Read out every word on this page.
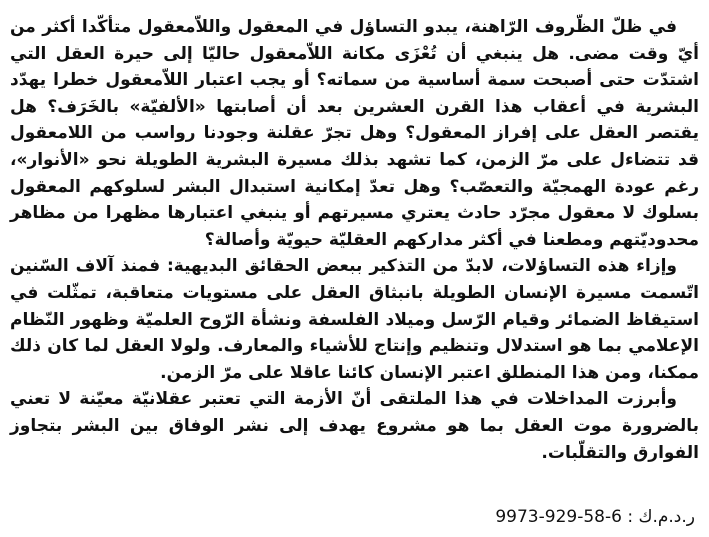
في ظلّ الظّروف الرّاهنة، يبدو التساؤل في المعقول واللاّمعقول متأكّدا أكثر من أيّ وقت مضى. هل ينبغي أن تُعْزَى مكانة اللاّمعقول حاليّا إلى حيرة العقل التي اشتدّت حتى أصبحت سمة أساسية من سماته؟ أو يجب اعتبار اللاّمعقول خطرا يهدّد البشرية في أعقاب هذا القرن العشرين بعد أن أصابتها «الألفيّة» بالخَرَف؟ هل يقتصر العقل على إفراز المعقول؟ وهل تجرّ عقلنة وجودنا رواسب من اللامعقول قد تتضاءل على مرّ الزمن، كما تشهد بذلك مسيرة البشرية الطويلة نحو «الأنوار»، رغم عودة الهمجيّة والتعصّب؟ وهل تعدّ إمكانية استبدال البشر لسلوكهم المعقول بسلوك لا معقول مجرّد حادث يعتري مسيرتهم أو ينبغي اعتبارها مظهرا من مظاهر محدوديّتهم ومطعنا في أكثر مداركهم العقليّة حيويّة وأصالة؟

وإزاء هذه التساؤلات، لابدّ من التذكير ببعض الحقائق البديهية: فمنذ آلاف السّنين اتّسمت مسيرة الإنسان الطويلة بانبثاق العقل على مستويات متعاقبة، تمثّلت في استيقاظ الضمائر وقيام الرّسل وميلاد الفلسفة ونشأة الرّوح العلميّة وظهور النّظام الإعلامي بما هو استدلال وتنظيم وإنتاج للأشياء والمعارف. ولولا العقل لما كان ذلك ممكنا، ومن هذا المنطلق اعتبر الإنسان كائنا عاقلا على مرّ الزمن.

وأبرزت المداخلات في هذا الملتقى أنّ الأزمة التي تعتبر عقلانيّة معيّنة لا تعني بالضرورة موت العقل بما هو مشروع يهدف إلى نشر الوفاق بين البشر بتجاوز الفوارق والتقلّبات.

ر.د.م.ك : 9973-929-58-6
